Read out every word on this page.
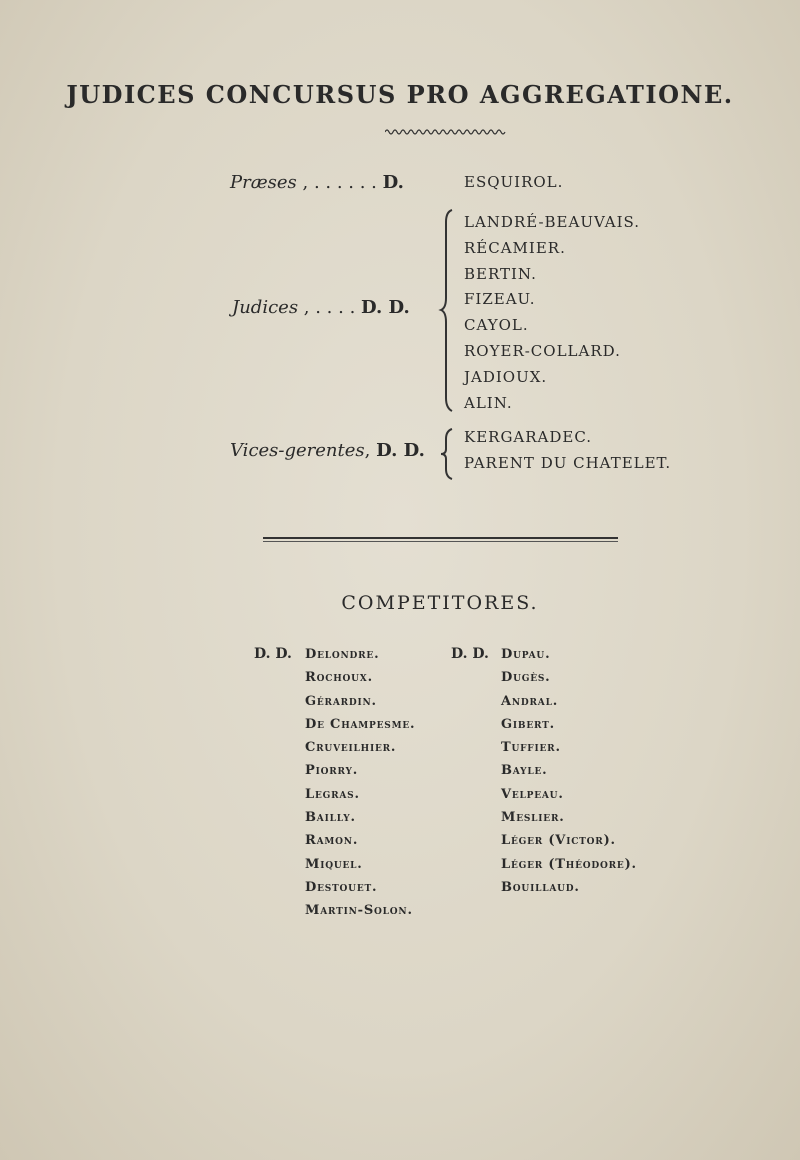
JUDICES CONCURSUS PRO AGGREGATIONE.
Præses , . . . . . . D.	ESQUIROL.
Judices , . . . . D. D.
LANDRÉ-BEAUVAIS.
RÉCAMIER.
BERTIN.
FIZEAU.
CAYOL.
ROYER-COLLARD.
JADIOUX.
ALIN.
Vices-gerentes, D. D.
KERGARADEC.
PARENT DU CHATELET.
COMPETITORES.
D. D. Delondre.
Rochoux.
Gérardin.
De Champesme.
Cruveilhier.
Piorry.
Legras.
Bailly.
Ramon.
Miquel.
Destouet.
Martin-Solon.
D. D. Dupau.
Dugès.
Andral.
Gibert.
Tuffier.
Bayle.
Velpeau.
Meslier.
Léger (Victor).
Léger (Théodore).
Bouillaud.
